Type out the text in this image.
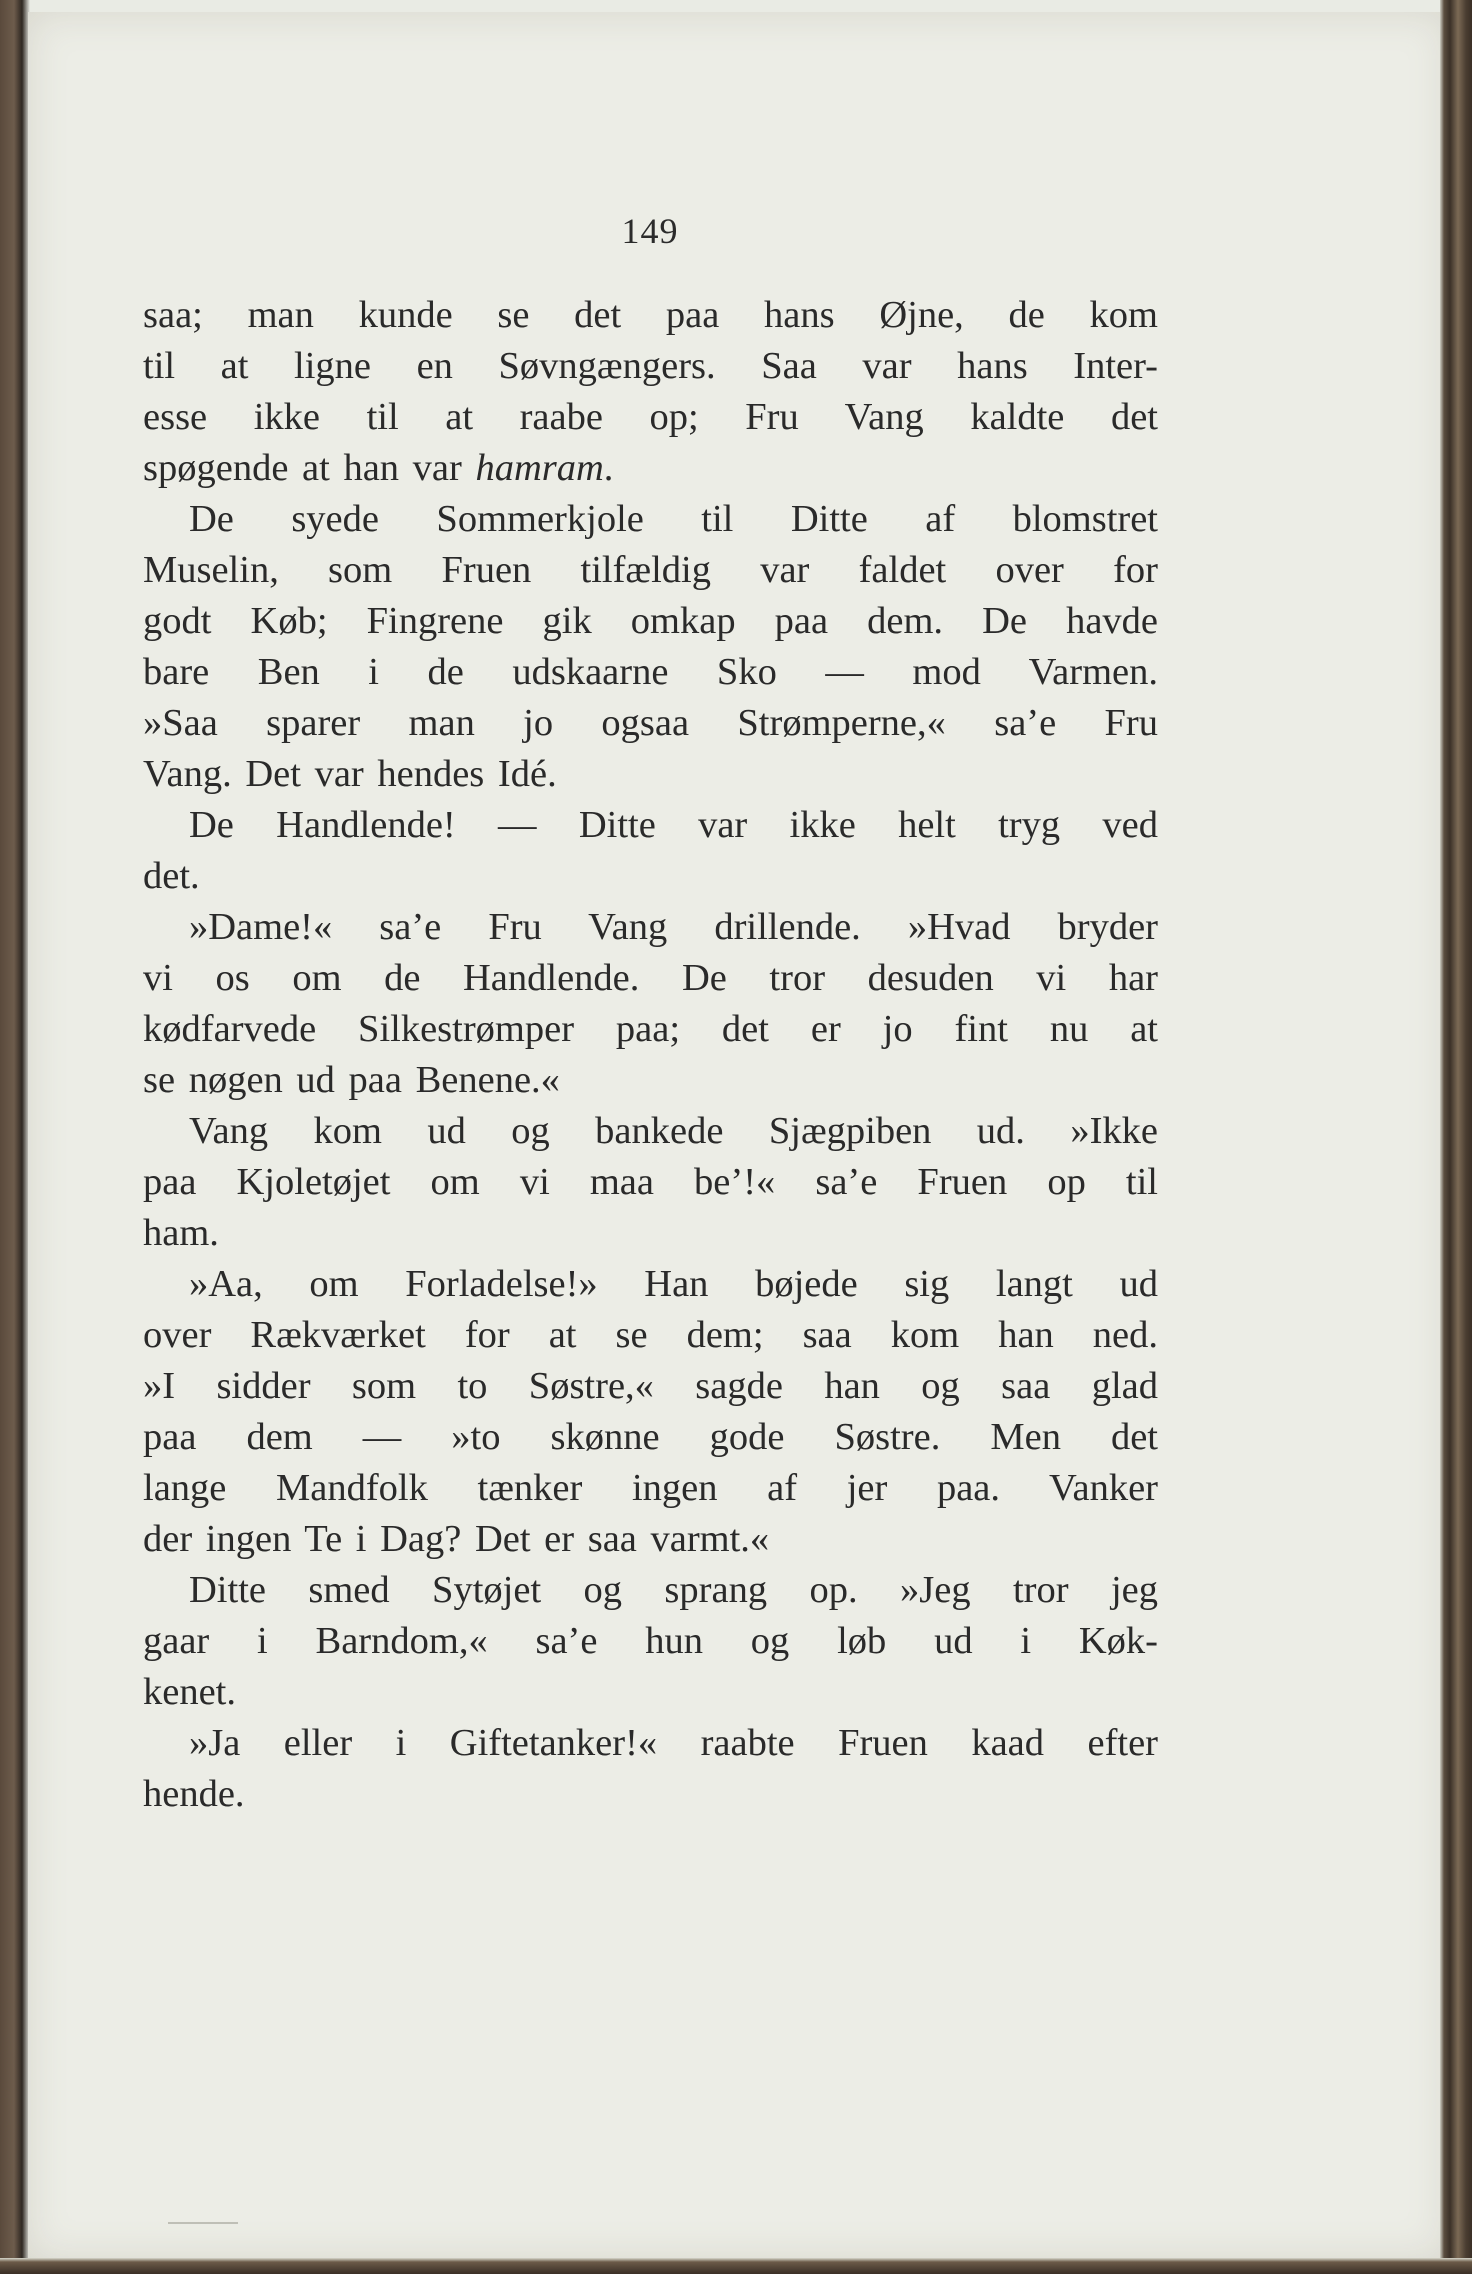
149
saa; man kunde se det paa hans Øjne, de kom
til at ligne en Søvngængers. Saa var hans Inter-
esse ikke til at raabe op; Fru Vang kaldte det
spøgende at han var hamram.
De syede Sommerkjole til Ditte af blomstret
Muselin, som Fruen tilfældig var faldet over for
godt Køb; Fingrene gik omkap paa dem. De havde
bare Ben i de udskaarne Sko — mod Varmen.
»Saa sparer man jo ogsaa Strømperne,« sa’e Fru
Vang. Det var hendes Idé.
De Handlende! — Ditte var ikke helt tryg ved
det.
»Dame!« sa’e Fru Vang drillende. »Hvad bryder
vi os om de Handlende. De tror desuden vi har
kødfarvede Silkestrømper paa; det er jo fint nu at
se nøgen ud paa Benene.«
Vang kom ud og bankede Sjægpiben ud. »Ikke
paa Kjoletøjet om vi maa be’!« sa’e Fruen op til
ham.
»Aa, om Forladelse!» Han bøjede sig langt ud
over Rækværket for at se dem; saa kom han ned.
»I sidder som to Søstre,« sagde han og saa glad
paa dem — »to skønne gode Søstre. Men det
lange Mandfolk tænker ingen af jer paa. Vanker
der ingen Te i Dag? Det er saa varmt.«
Ditte smed Sytøjet og sprang op. »Jeg tror jeg
gaar i Barndom,« sa’e hun og løb ud i Køk-
kenet.
»Ja eller i Giftetanker!« raabte Fruen kaad efter
hende.
